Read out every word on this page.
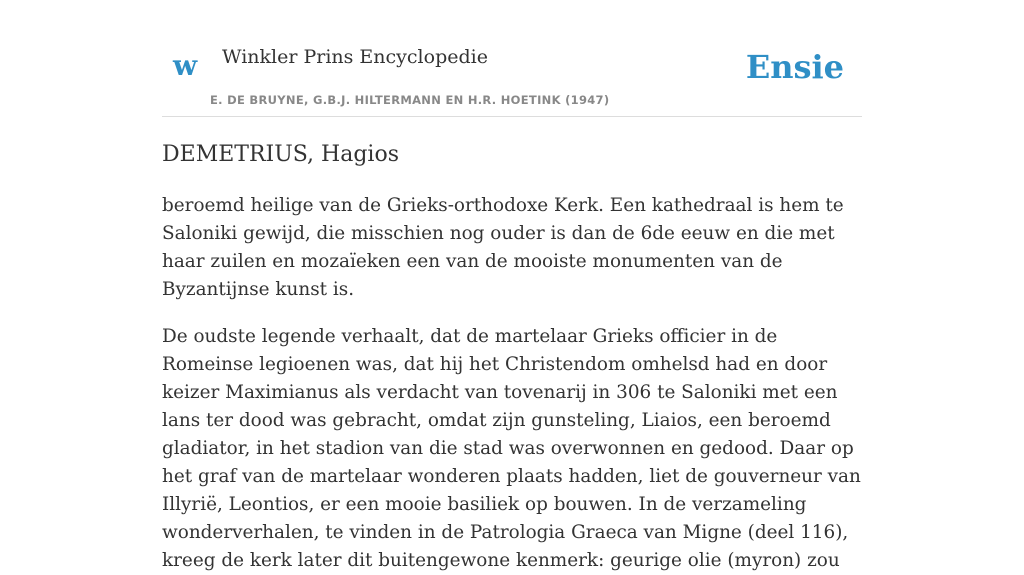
w Winkler Prins Encyclopedie
E. DE BRUYNE, G.B.J. HILTERMANN EN H.R. HOETINK (1947)
Ensie
DEMETRIUS, Hagios

beroemd heilige van de Grieks-orthodoxe Kerk. Een kathedraal is hem te Saloniki gewijd, die misschien nog ouder is dan de 6de eeuw en die met haar zuilen en mozaïeken een van de mooiste monumenten van de Byzantijnse kunst is.

De oudste legende verhaalt, dat de martelaar Grieks officier in de Romeinse legioenen was, dat hij het Christendom omhelsd had en door keizer Maximianus als verdacht van tovenarij in 306 te Saloniki met een lans ter dood was gebracht, omdat zijn gunsteling, Liaios, een beroemd gladiator, in het stadion van die stad was overwonnen en gedood. Daar op het graf van de martelaar wonderen plaats hadden, liet de gouverneur van Illyrië, Leontios, er een mooie basiliek op bouwen. In de verzameling wonderverhalen, te vinden in de Patrologia Graeca van Migne (deel 116), kreeg de kerk later dit buitengewone kenmerk: geurige olie (myron) zou
